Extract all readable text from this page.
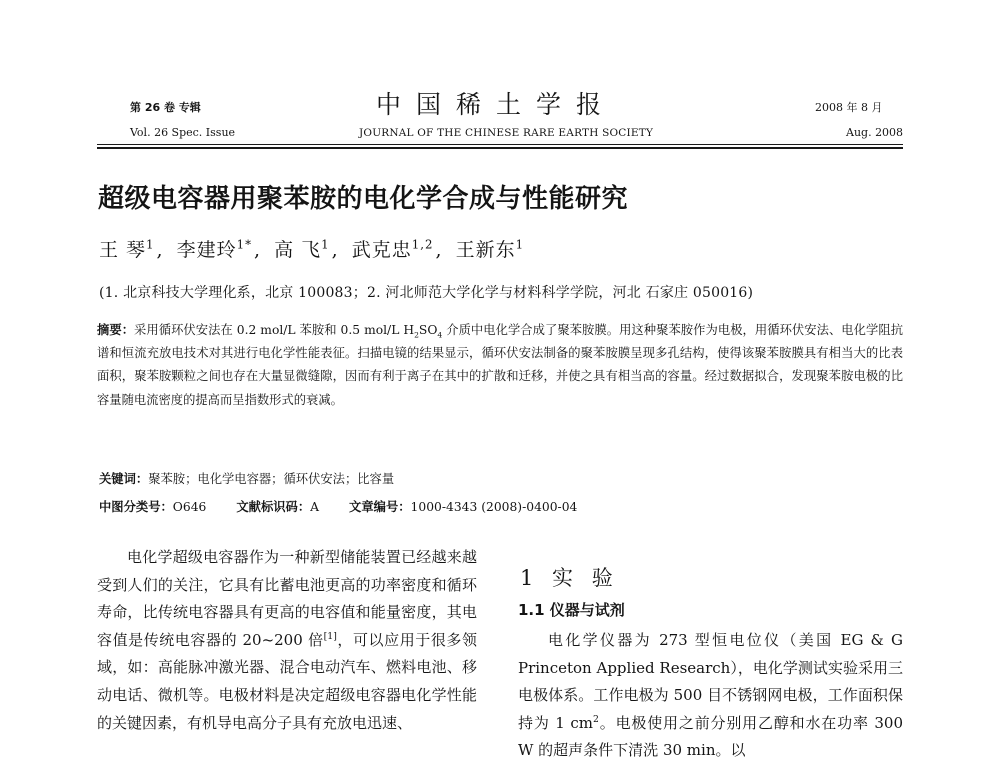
第 26 卷 专辑
Vol. 26 Spec. Issue
中国稀土学报
JOURNAL OF THE CHINESE RARE EARTH SOCIETY
2008 年 8 月
Aug. 2008
超级电容器用聚苯胺的电化学合成与性能研究
王 琴$^1$ , 李建玲$^{1*}$ , 高 飞$^1$ , 武克忠$^{1,2}$ , 王新东$^1$
(1. 北京科技大学理化系，北京 100083；2. 河北师范大学化学与材料科学学院，河北 石家庄 050016)
摘要：采用循环伏安法在 0.2 mol/L 苯胺和 0.5 mol/L $H_2SO_4$ 介质中电化学合成了聚苯胺膜。用这种聚苯胺作为电极，用循环伏安法、电化学阻抗谱和恒流充放电技术对其进行电化学性能表征。扫描电镜的结果显示，循环伏安法制备的聚苯胺膜呈现多孔结构，使得该聚苯胺膜具有相当大的比表面积，聚苯胺颗粒之间也存在大量显微缝隙，因而有利于离子在其中的扩散和迁移，并使之具有相当高的容量。经过数据拟合，发现聚苯胺电极的比容量随电流密度的提高而呈指数形式的衰减。
关键词：聚苯胺；电化学电容器；循环伏安法；比容量
中图分类号：O646 文献标识码：A 文章编号：1000-4343 (2008)-0400-04
电化学超级电容器作为一种新型储能装置已经越来越受到人们的关注，它具有比蓄电池更高的功率密度和循环寿命，比传统电容器具有更高的电容值和能量密度，其电容值是传统电容器的 20~200 倍[1]，可以应用于很多领域，如：高能脉冲激光器、混合电动汽车、燃料电池、移动电话、微机等。电极材料是决定超级电容器电化学性能的关键因素，有机导电高分子具有充放电迅速、
1 实 验
1.1 仪器与试剂
电化学仪器为 273 型恒电位仪（美国 EG & G Princeton Applied Research），电化学测试实验采用三电极体系。工作电极为 500 目不锈钢网电极，工作面积保持为 1 $cm^2$。电极使用之前分别用乙醇和水在功率 300 W 的超声条件下清洗 30 min。以
